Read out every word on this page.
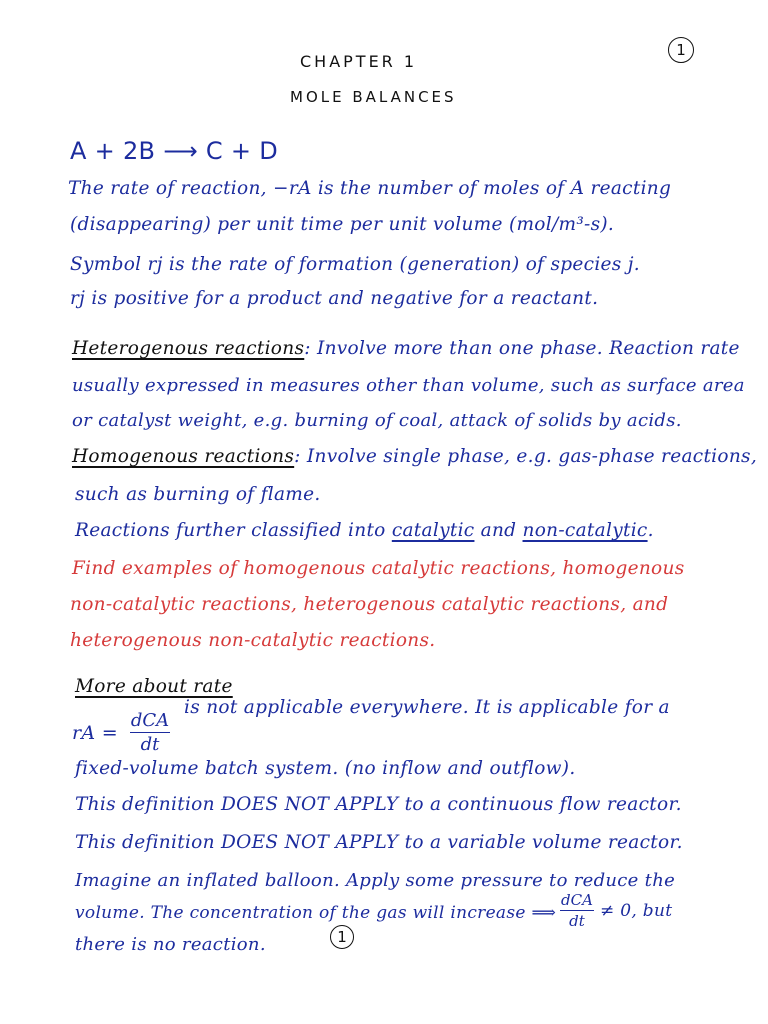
CHAPTER 1
MOLE BALANCES
1
A + 2B ⟶ C + D
The rate of reaction, −rA is the number of moles of A reacting
(disappearing) per unit time per unit volume (mol/m³-s).
Symbol rj is the rate of formation (generation) of species j.
rj is positive for a product and negative for a reactant.
Heterogenous reactions: Involve more than one phase. Reaction rate
usually expressed in measures other than volume, such as surface area
or catalyst weight, e.g. burning of coal, attack of solids by acids.
Homogenous reactions: Involve single phase, e.g. gas-phase reactions,
such as burning of flame.
Reactions further classified into catalytic and non-catalytic.
Find examples of homogenous catalytic reactions, homogenous
non-catalytic reactions, heterogenous catalytic reactions, and
heterogenous non-catalytic reactions.
More about rate
rA =
dCA
dt
is not applicable everywhere. It is applicable for a
fixed-volume batch system. (no inflow and outflow).
This definition DOES NOT APPLY to a continuous flow reactor.
This definition DOES NOT APPLY to a variable volume reactor.
Imagine an inflated balloon. Apply some pressure to reduce the
volume. The concentration of the gas will increase ⟹
dCA
dt ≠ 0, but
there is no reaction.	1
